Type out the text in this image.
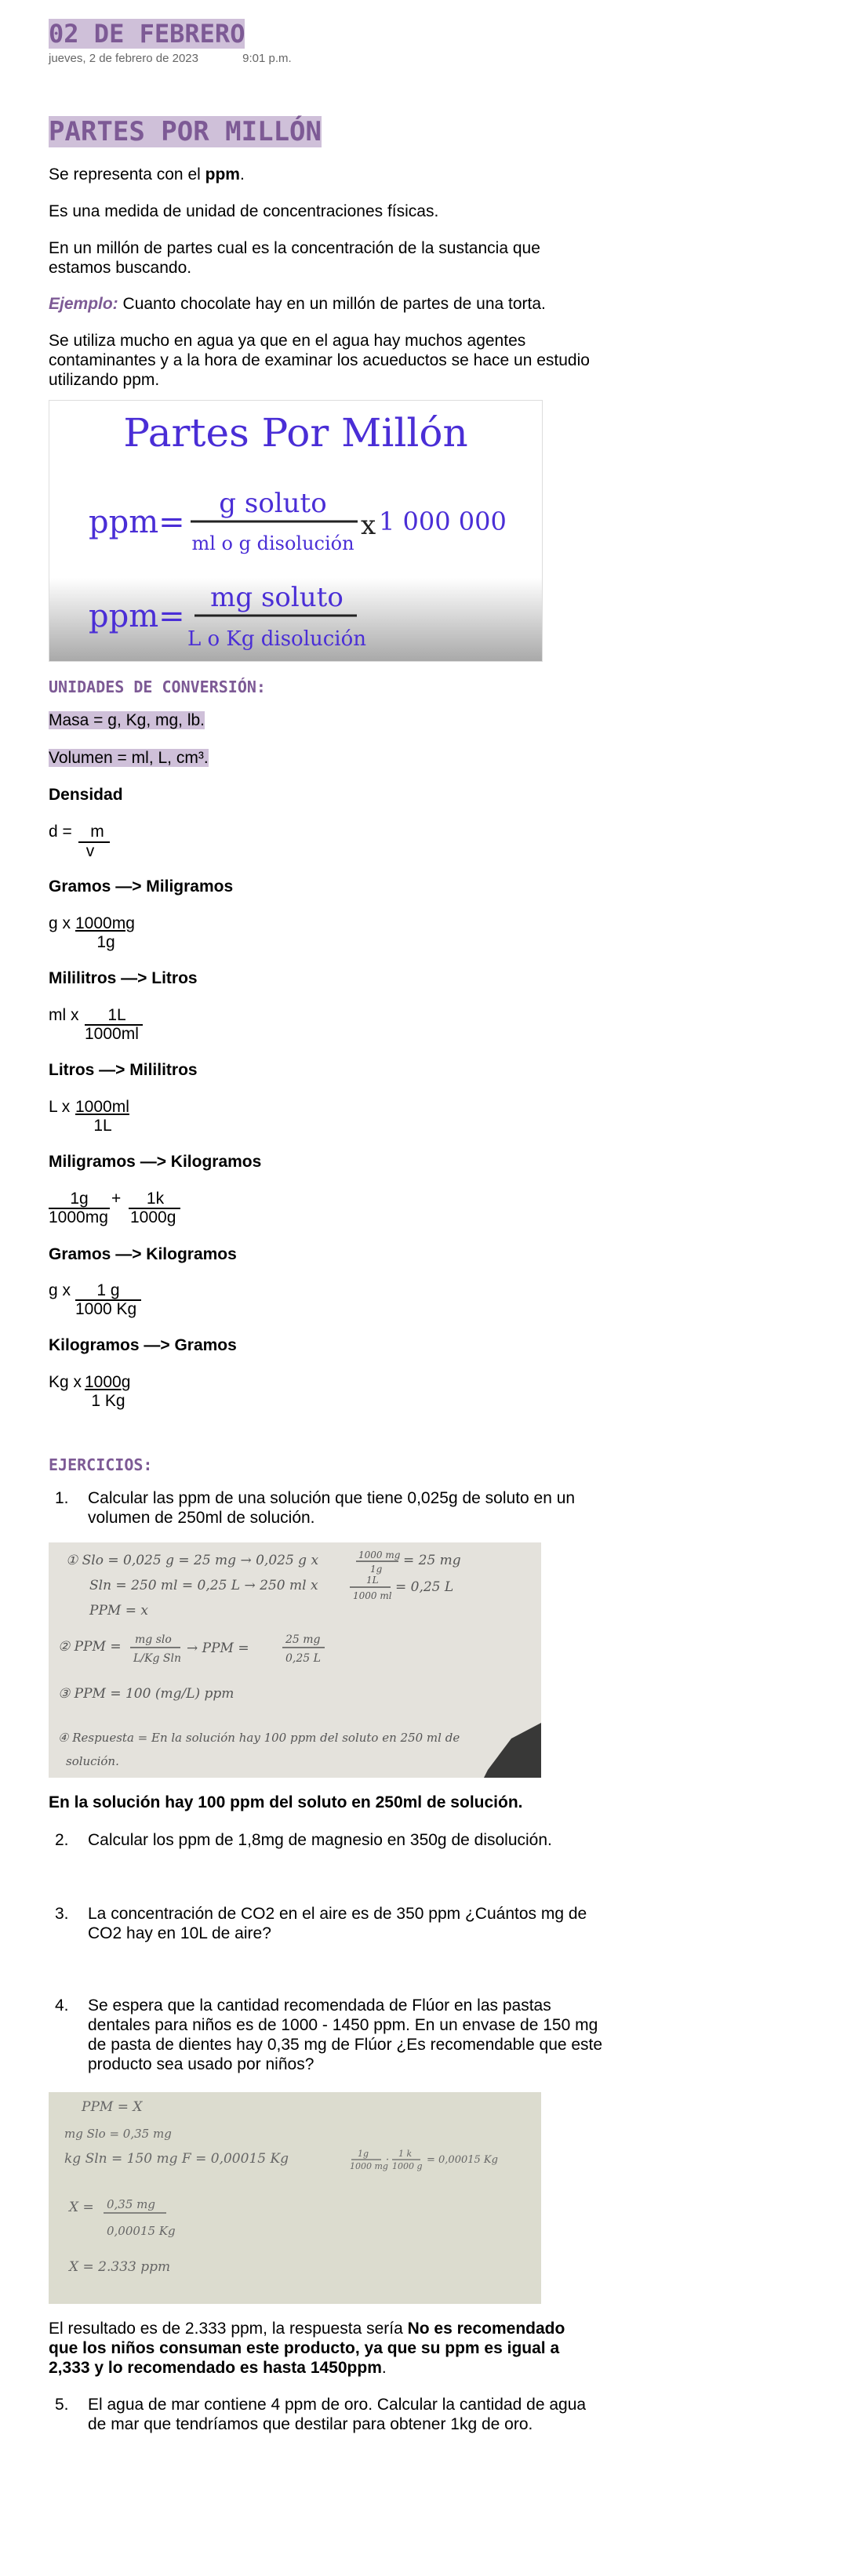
02 DE FEBRERO
jueves, 2 de febrero de 2023	9:01 p.m.
PARTES POR MILLÓN
Se representa con el ppm.
Es una medida de unidad de concentraciones físicas.
En un millón de partes cual es la concentración de la sustancia que estamos buscando.
Ejemplo: Cuanto chocolate hay en un millón de partes de una torta.
Se utiliza mucho en agua ya que en el agua hay muchos agentes contaminantes y a la hora de examinar los acueductos se hace un estudio utilizando ppm.
Partes Por Millón
ppm=
g soluto
ml o g disolución
x 1 000 000
ppm=
mg soluto
L o Kg disolución
UNIDADES DE CONVERSIÓN:
Masa = g, Kg, mg, lb.
Volumen = ml, L, cm³.
Densidad
d =	m
v
Gramos —> Miligramos
g x 1000mg
1g
Mililitros —> Litros
ml x	1L
1000ml
Litros —> Mililitros
L x 1000ml
1L
Miligramos —> Kilogramos
1g
1000mg
+	1k
1000g
Gramos —> Kilogramos
g x	1 g
1000 Kg
Kilogramos —> Gramos
Kg x 1000g
1 Kg
EJERCICIOS:
1. Calcular las ppm de una solución que tiene 0,025g de soluto en un volumen de 250ml de solución.
① Slo = 0,025 g = 25 mg → 0,025 g x	1000 mg
1g
= 25 mg
Sln = 250 ml = 0,25 L → 250 ml x	1L
1000 ml
= 0,25 L
PPM = x
② PPM = mg slo
L/Kg Sln
→ PPM =
25 mg
0,25 L
③ PPM = 100 (mg/L) ppm
④ Respuesta = En la solución hay 100 ppm del soluto en 250 ml de
solución.
En la solución hay 100 ppm del soluto en 250ml de solución.
2. Calcular los ppm de 1,8mg de magnesio en 350g de disolución.
3. La concentración de CO2 en el aire es de 350 ppm ¿Cuántos mg de CO2 hay en 10L de aire?
4. Se espera que la cantidad recomendada de Flúor en las pastas dentales para niños es de 1000 - 1450 ppm. En un envase de 150 mg de pasta de dientes hay 0,35 mg de Flúor ¿Es recomendable que este producto sea usado por niños?
PPM = X
mg Slo = 0,35 mg
kg Sln = 150 mg F = 0,00015 Kg	1g
1000 mg
·
1 k
1000 g
= 0,00015 Kg
X = 0,35 mg
0,00015 Kg
X = 2.333 ppm
El resultado es de 2.333 ppm, la respuesta sería No es recomendado que los niños consuman este producto, ya que su ppm es igual a 2,333 y lo recomendado es hasta 1450ppm.
5. El agua de mar contiene 4 ppm de oro. Calcular la cantidad de agua de mar que tendríamos que destilar para obtener 1kg de oro.
